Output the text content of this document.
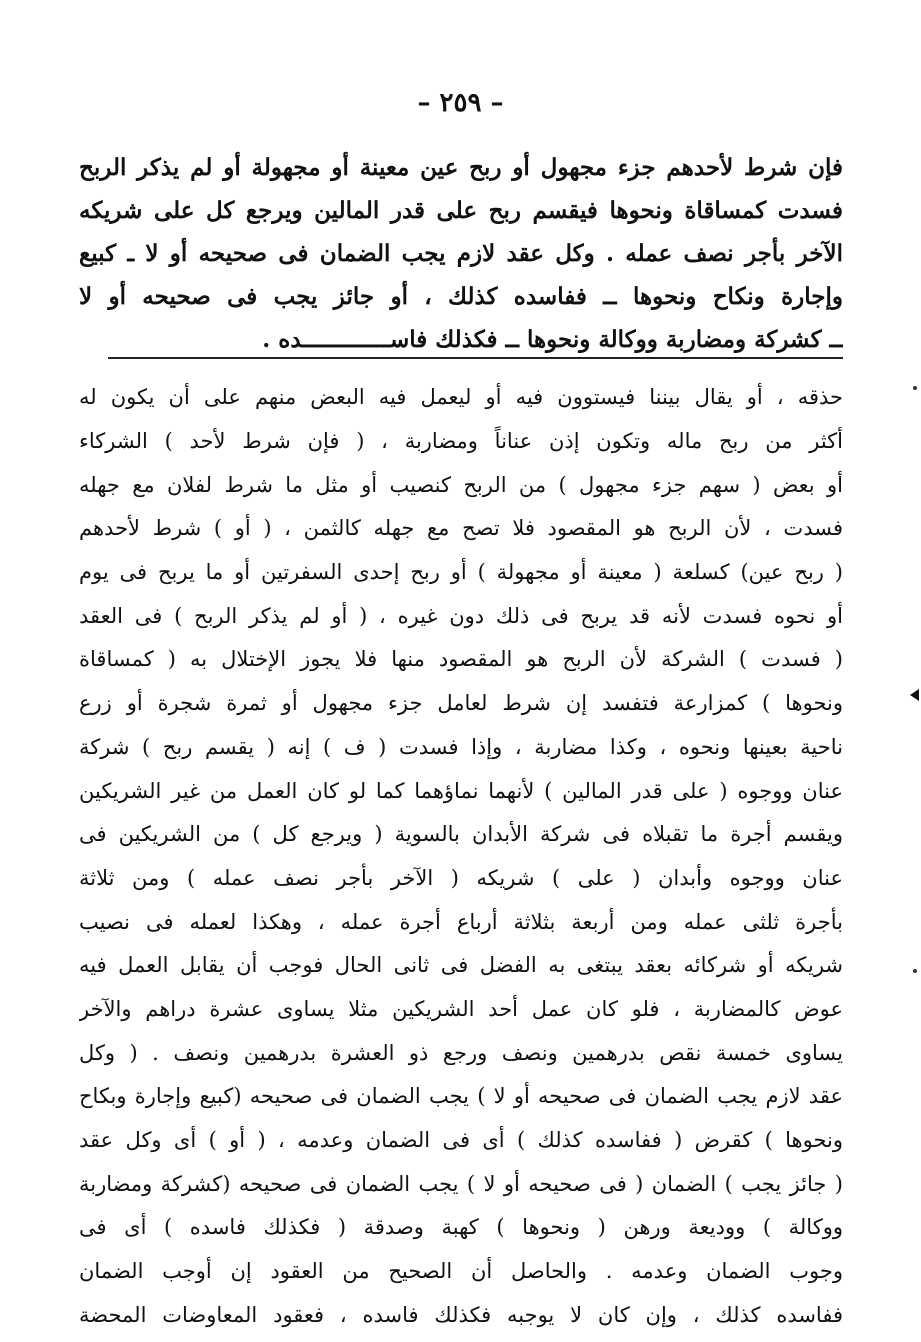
– ٢٥٩ –
فإن شرط لأحدهم جزء مجهول أو ربح عين معينة أو مجهولة أو لم يذكر الربح
فسدت كمساقاة ونحوها فيقسم ربح على قدر المالين ويرجع كل على شريكه
الآخر بأجر نصف عمله . وكل عقد لازم يجب الضمان فى صحيحه أو لا ـ كبيع
وإجارة ونكاح ونحوها ــ ففاسده كذلك ، أو جائز يجب فى صحيحه أو لا
ــ كشركة ومضاربة ووكالة ونحوها ــ فكذلك فاســـــــــــــده .
حذقه ، أو يقال بيننا فيستوون فيه أو ليعمل فيه البعض منهم على أن يكون له
أكثر من ربح ماله وتكون إذن عناناً ومضاربة ، ( فإن شرط لأحد ) الشركاء
أو بعض ( سهم جزء مجهول ) من الربح كنصيب أو مثل ما شرط لفلان مع جهله
فسدت ، لأن الربح هو المقصود فلا تصح مع جهله كالثمن ، ( أو ) شرط لأحدهم
( ربح عين) كسلعة ( معينة أو مجهولة ) أو ربح إحدى السفرتين أو ما يربح فى يوم
أو نحوه فسدت لأنه قد يربح فى ذلك دون غيره ، ( أو لم يذكر الربح ) فى العقد
( فسدت ) الشركة لأن الربح هو المقصود منها فلا يجوز الإختلال به ( كمساقاة
ونحوها ) كمزارعة فتفسد إن شرط لعامل جزء مجهول أو ثمرة شجرة أو زرع
ناحية بعينها ونحوه ، وكذا مضاربة ، وإذا فسدت ( ف ) إنه ( يقسم ربح ) شركة
عنان ووجوه ( على قدر المالين ) لأنهما نماؤهما كما لو كان العمل من غير الشريكين
ويقسم أجرة ما تقبلاه فى شركة الأبدان بالسوية ( ويرجع كل ) من الشريكين فى
عنان ووجوه وأبدان ( على ) شريكه ( الآخر بأجر نصف عمله ) ومن ثلاثة
بأجرة ثلثى عمله ومن أربعة بثلاثة أرباع أجرة عمله ، وهكذا لعمله فى نصيب
شريكه أو شركائه بعقد يبتغى به الفضل فى ثانى الحال فوجب أن يقابل العمل فيه
عوض كالمضاربة ، فلو كان عمل أحد الشريكين مثلا يساوى عشرة دراهم والآخر
يساوى خمسة نقص بدرهمين ونصف ورجع ذو العشرة بدرهمين ونصف . ( وكل
عقد لازم يجب الضمان فى صحيحه أو لا ) يجب الضمان فى صحيحه (كبيع وإجارة وبكاح
ونحوها ) كقرض ( ففاسده كذلك ) أى فى الضمان وعدمه ، ( أو ) أى وكل عقد
( جائز يجب ) الضمان ( فى صحيحه أو لا ) يجب الضمان فى صحيحه (كشركة ومضاربة
ووكالة ) ووديعة ورهن ( ونحوها ) كهبة وصدقة ( فكذلك فاسده ) أى فى
وجوب الضمان وعدمه . والحاصل أن الصحيح من العقود إن أوجب الضمان
ففاسده كذلك ، وإن كان لا يوجبه فكذلك فاسده ، فعقود المعاوضات المحضة
